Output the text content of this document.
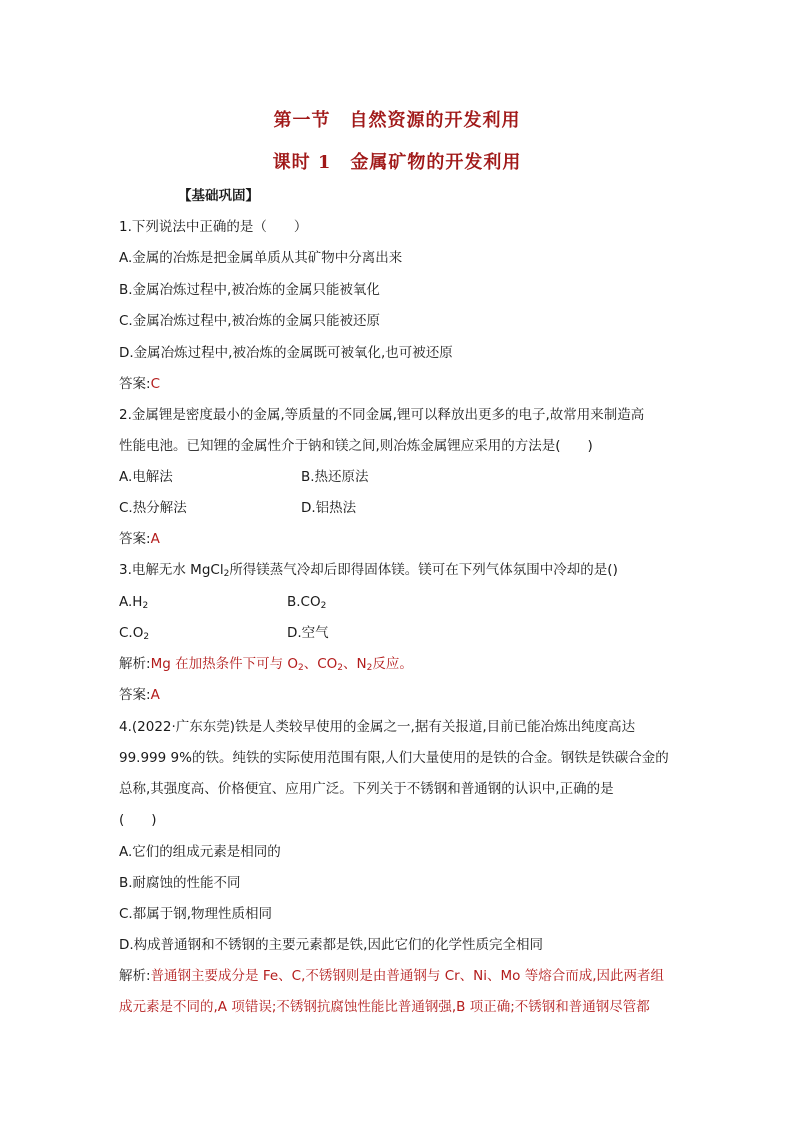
第一节　自然资源的开发利用
课时 1　金属矿物的开发利用
【基础巩固】
1.下列说法中正确的是（　　）
A.金属的冶炼是把金属单质从其矿物中分离出来
B.金属冶炼过程中,被冶炼的金属只能被氧化
C.金属冶炼过程中,被冶炼的金属只能被还原
D.金属冶炼过程中,被冶炼的金属既可被氧化,也可被还原
答案:C
2.金属锂是密度最小的金属,等质量的不同金属,锂可以释放出更多的电子,故常用来制造高
性能电池。已知锂的金属性介于钠和镁之间,则冶炼金属锂应采用的方法是(　　)
A.电解法	B.热还原法
C.热分解法	D.铝热法
答案:A
3.电解无水 MgCl$_2$所得镁蒸气冷却后即得固体镁。镁可在下列气体氛围中冷却的是()
$A.H_2$	$B.CO_2$
$C.O_2$	D.空气
解析:Mg 在加热条件下可与 $O_2$、$CO_2$、$N_2$反应。
答案:A
4.(2022·广东东莞)铁是人类较早使用的金属之一,据有关报道,目前已能冶炼出纯度高达
99.999 9%的铁。纯铁的实际使用范围有限,人们大量使用的是铁的合金。钢铁是铁碳合金的
总称,其强度高、价格便宜、应用广泛。下列关于不锈钢和普通钢的认识中,正确的是
(　　)
A.它们的组成元素是相同的
B.耐腐蚀的性能不同
C.都属于钢,物理性质相同
D.构成普通钢和不锈钢的主要元素都是铁,因此它们的化学性质完全相同
解析:普通钢主要成分是 Fe、C,不锈钢则是由普通钢与 Cr、Ni、Mo 等熔合而成,因此两者组
成元素是不同的,A 项错误;不锈钢抗腐蚀性能比普通钢强,B 项正确;不锈钢和普通钢尽管都
